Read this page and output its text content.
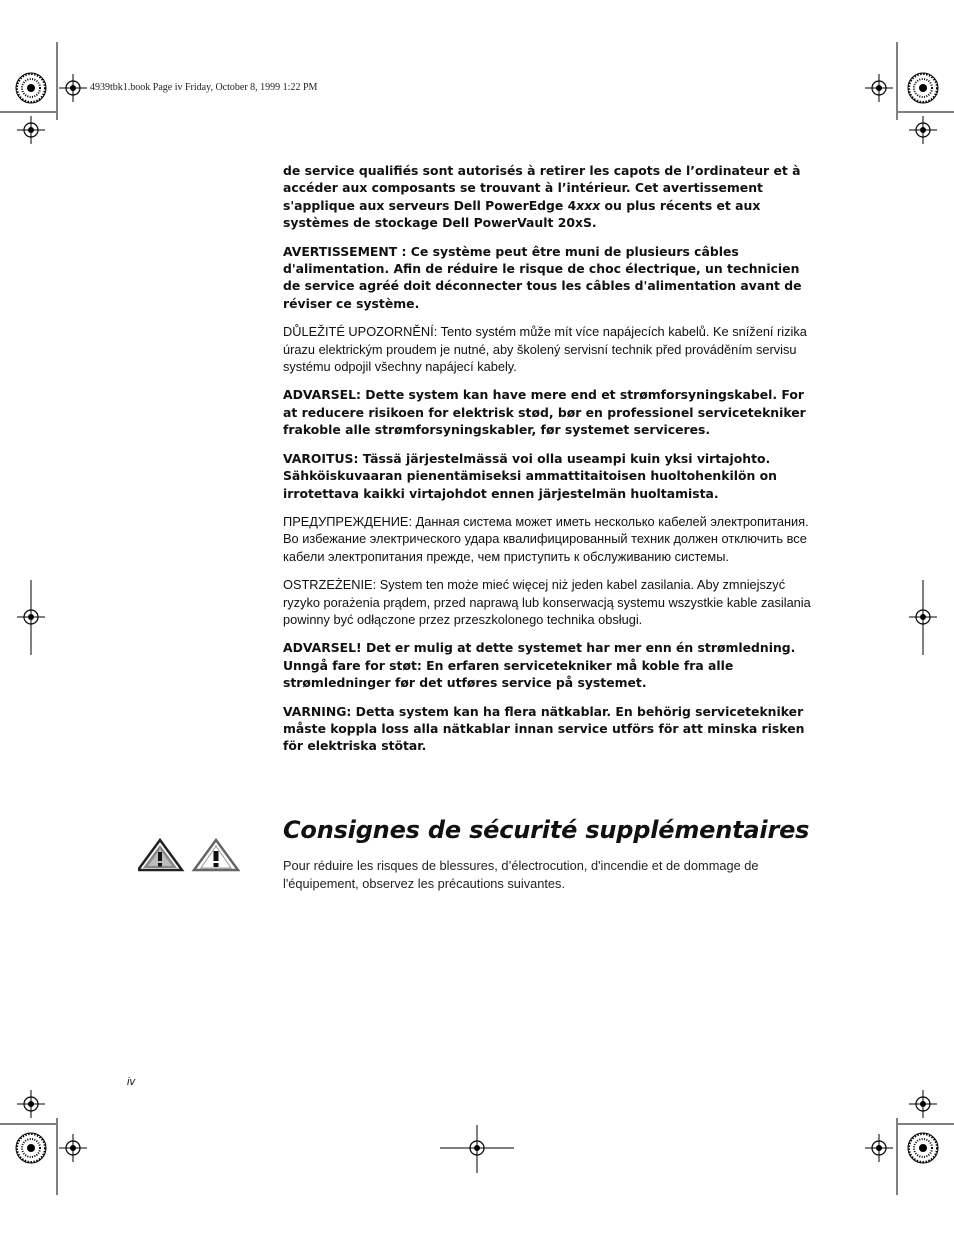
4939tbk1.book Page iv Friday, October 8, 1999 1:22 PM

de service qualifiés sont autorisés à retirer les capots de l’ordinateur et à accéder aux composants se trouvant à l’intérieur. Cet avertissement s'applique aux serveurs Dell PowerEdge 4xxx ou plus récents et aux systèmes de stockage Dell PowerVault 20xS.

AVERTISSEMENT : Ce système peut être muni de plusieurs câbles d'alimentation. Afin de réduire le risque de choc électrique, un technicien de service agréé doit déconnecter tous les câbles d'alimentation avant de réviser ce système.

DŮLEŽITÉ UPOZORNĚNÍ: Tento systém může mít více napájecích kabelů. Ke snížení rizika úrazu elektrickým proudem je nutné, aby školený servisní technik před prováděním servisu systému odpojil všechny napájecí kabely.

ADVARSEL: Dette system kan have mere end et strømforsyningskabel. For at reducere risikoen for elektrisk stød, bør en professionel servicetekniker frakoble alle strømforsyningskabler, før systemet serviceres.

VAROITUS: Tässä järjestelmässä voi olla useampi kuin yksi virtajohto. Sähköiskuvaaran pienentämiseksi ammattitaitoisen huoltohenkilön on irrotettava kaikki virtajohdot ennen järjestelmän huoltamista.

ПРЕДУПРЕЖДЕНИЕ: Данная система может иметь несколько кабелей электропитания. Во избежание электрического удара квалифицированный техник должен отключить все кабели электропитания прежде, чем приступить к обслуживанию системы.

OSTRZEŻENIE: System ten może mieć więcej niż jeden kabel zasilania. Aby zmniejszyć ryzyko porażenia prądem, przed naprawą lub konserwacją systemu wszystkie kable zasilania powinny być odłączone przez przeszkolonego technika obsługi.

ADVARSEL! Det er mulig at dette systemet har mer enn én strømledning. Unngå fare for støt: En erfaren servicetekniker må koble fra alle strømledninger før det utføres service på systemet.

VARNING: Detta system kan ha flera nätkablar. En behörig servicetekniker måste koppla loss alla nätkablar innan service utförs för att minska risken för elektriska stötar.

Consignes de sécurité supplémentaires

Pour réduire les risques de blessures, d’électrocution, d'incendie et de dommage de l'équipement, observez les précautions suivantes.

iv
